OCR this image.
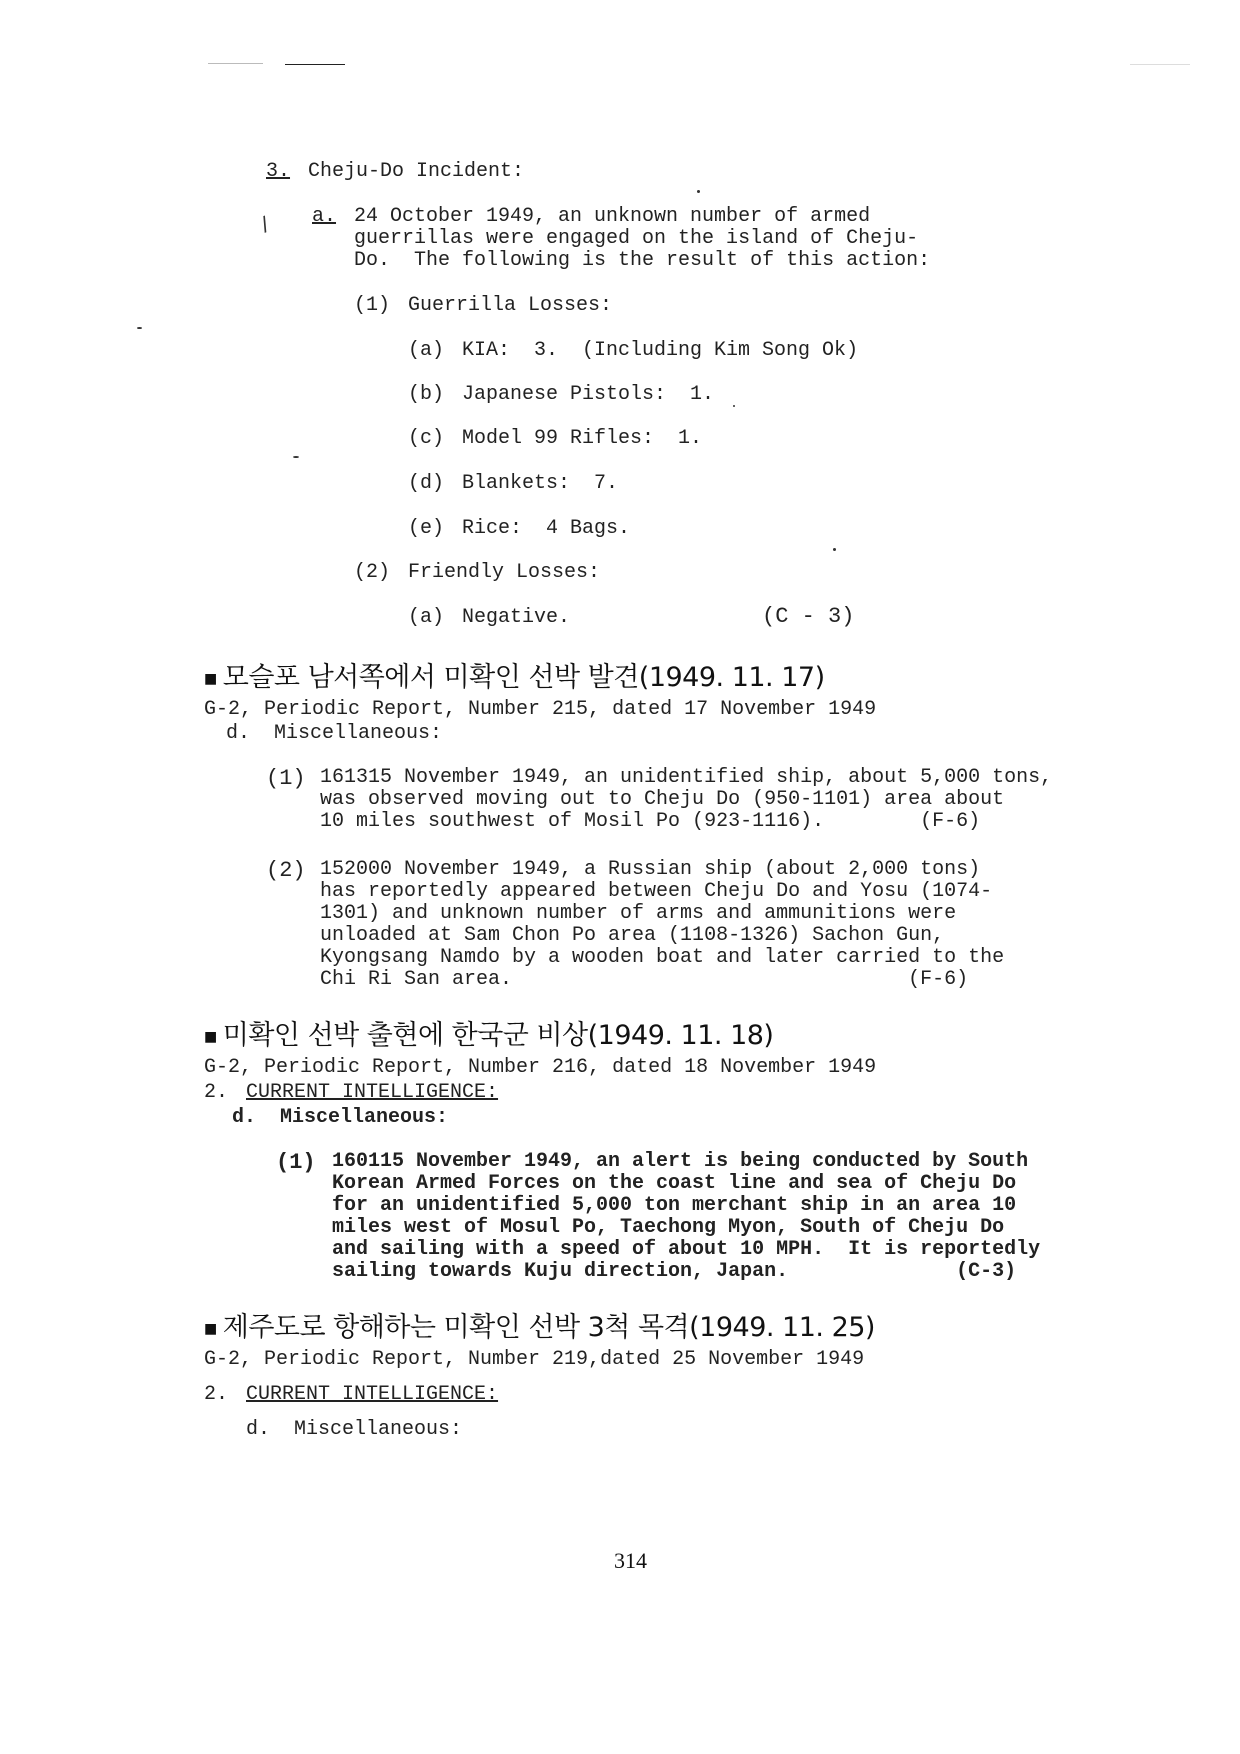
3. Cheju-Do Incident:
/ a. 24 October 1949, an unknown number of armed
guerrillas were engaged on the island of Cheju-
Do.  The following is the result of this action:
(1) Guerrilla Losses:
(a) KIA:  3.  (Including Kim Song Ok)
(b) Japanese Pistols:  1.
(c) Model 99 Rifles:  1.
(d) Blankets:  7.
(e) Rice:  4 Bags.
(2) Friendly Losses:
(a) Negative.	(C - 3)
■ 모슬포 남서쪽에서 미확인 선박 발견(1949. 11. 17)
G-2, Periodic Report, Number 215, dated 17 November 1949
d.  Miscellaneous:
(1) 161315 November 1949, an unidentified ship, about 5,000 tons,
was observed moving out to Cheju Do (950-1101) area about
10 miles southwest of Mosil Po (923-1116).        (F-6)
(2) 152000 November 1949, a Russian ship (about 2,000 tons)
has reportedly appeared between Cheju Do and Yosu (1074-
1301) and unknown number of arms and ammunitions were
unloaded at Sam Chon Po area (1108-1326) Sachon Gun,
Kyongsang Namdo by a wooden boat and later carried to the
Chi Ri San area.                                 (F-6)
■ 미확인 선박 출현에 한국군 비상(1949. 11. 18)
G-2, Periodic Report, Number 216, dated 18 November 1949
2. CURRENT INTELLIGENCE:
d.  Miscellaneous:
(1) 160115 November 1949, an alert is being conducted by South
Korean Armed Forces on the coast line and sea of Cheju Do
for an unidentified 5,000 ton merchant ship in an area 10
miles west of Mosul Po, Taechong Myon, South of Cheju Do
and sailing with a speed of about 10 MPH.  It is reportedly
sailing towards Kuju direction, Japan.              (C-3)
■ 제주도로 항해하는 미확인 선박 3척 목격(1949. 11. 25)
G-2, Periodic Report, Number 219,dated 25 November 1949
2. CURRENT INTELLIGENCE:
d.  Miscellaneous:
314
